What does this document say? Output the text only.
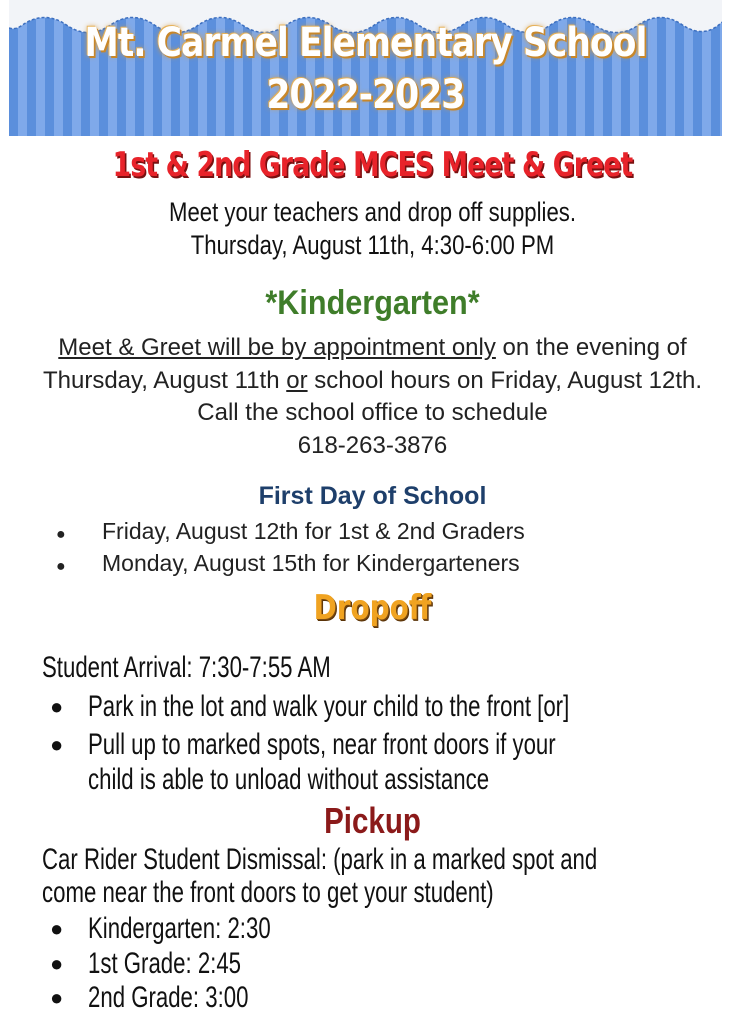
Mt. Carmel Elementary School
2022-2023
1st & 2nd Grade MCES Meet & Greet
Meet your teachers and drop off supplies.
Thursday, August 11th, 4:30-6:00 PM
*Kindergarten*
Meet & Greet will be by appointment only on the evening of Thursday, August 11th or school hours on Friday, August 12th. Call the school office to schedule
618-263-3876
First Day of School
● Friday, August 12th for 1st & 2nd Graders
● Monday, August 15th for Kindergarteners
Dropoff
Student Arrival: 7:30-7:55 AM
● Park in the lot and walk your child to the front [or]
● Pull up to marked spots, near front doors if your
child is able to unload without assistance
Pickup
Car Rider Student Dismissal: (park in a marked spot and
come near the front doors to get your student)
● Kindergarten: 2:30
● 1st Grade: 2:45
● 2nd Grade: 3:00
